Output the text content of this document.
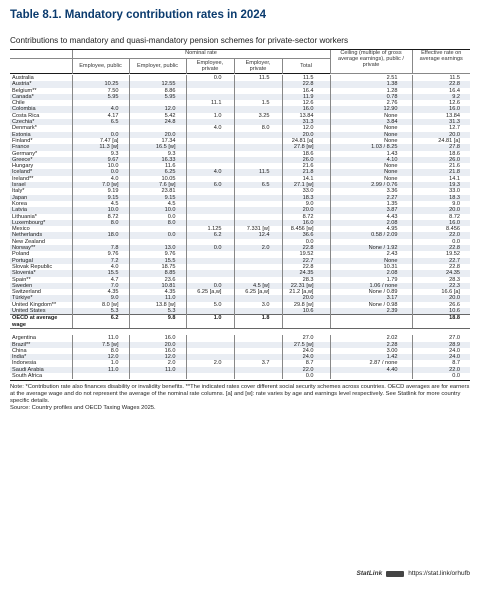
Table 8.1. Mandatory contribution rates in 2024
Contributions to mandatory and quasi-mandatory pension schemes for private-sector workers
	Nominal rate					Ceiling (multiple of gross average earnings), public / private	Effective rate on average earnings
	Employee, public	Employer, public	Employee, private	Employer, private	Total		

Australia			0.0	11.5	11.5	2.51	11.5
Austria*	10.25	12.55			22.8	1.38	22.8
Belgium**	7.50	8.86			16.4	1.28	16.4
Canada*	5.95	5.95			11.9	0.78	9.2
Chile			11.1	1.5	12.6	2.76	12.6
Colombia	4.0	12.0			16.0	12.90	16.0
Costa Rica	4.17	5.42	1.0	3.25	13.84	None	13.84
Czechia*	6.5	24.8			31.3	3.84	31.3
Denmark*			4.0	8.0	12.0	None	12.7
Estonia	0.0	20.0			20.0	None	20.0
Finland*	7.47 [a]	17.34			24.81 [a]	None	24.81 [a]
France	11.3 [w]	16.5 [w]			27.8 [w]	1.03 / 8.25	27.8
Germany*	9.3	9.3			18.6	1.43	18.6
Greece*	9.67	16.33			26.0	4.10	26.0
Hungary	10.0	11.6			21.6	None	21.6
Iceland*	0.0	6.25	4.0	11.5	21.8	None	21.8
Ireland**	4.0	10.05			14.1	None	14.1
Israel	7.0 [w]	7.6 [w]	6.0	6.5	27.1 [w]	2.99 / 0.76	19.3
Italy*	9.19	23.81			33.0	3.36	33.0
Japan	9.15	9.15			18.3	2.27	18.3
Korea	4.5	4.5			9.0	1.35	9.0
Latvia	10.0	10.0			20.0	3.87	20.0
Lithuania*	8.72	0.0			8.72	4.43	8.72
Luxembourg*	8.0	8.0			16.0	2.08	16.0
Mexico			1.125	7.331 [w]	8.456 [w]	4.95	8.456
Netherlands	18.0	0.0	6.2	12.4	36.6	0.58 / 2.09	22.0
New Zealand					0.0		0.0
Norway**	7.8	13.0	0.0	2.0	22.8	None / 1.92	22.8
Poland	9.76	9.76			19.52	2.43	19.52
Portugal	7.2	15.5			22.7	None	22.7
Slovak Republic	4.0	18.75			22.8	10.31	22.8
Slovenia*	15.5	8.85			24.35	2.08	24.35
Spain**	4.7	23.6			28.3	1.79	28.3
Sweden	7.0	10.81	0.0	4.5 [w]	22.31 [w]	1.06 / none	22.3
Switzerland	4.35	4.35	6.25 [a,w]	6.25 [a,w]	21.2 [a,w]	None / 0.89	16.6 [a]
Türkiye*	9.0	11.0			20.0	3.17	20.0
United Kingdom**	8.0 [w]	13.8 [w]	5.0	3.0	29.8 [w]	None / 0.98	26.6
United States	5.3	5.3			10.6	2.39	10.6
OECD at average wage	6.2	9.8	1.0	1.8			18.8

Argentina	11.0	16.0			27.0	2.02	27.0
Brazil**	7.5 [w]	20.0			27.5 [w]	2.28	28.9
China	8.0	16.0			24.0	3.00	24.0
India*	12.0	12.0			24.0	1.42	24.0
Indonesia	1.0	2.0	2.0	3.7	8.7	2.87 / none	8.7
Saudi Arabia	11.0	11.0			22.0	4.40	22.0
South Africa					0.0		0.0
Note: *Contribution rate also finances disability or invalidity benefits. **The indicated rates cover different social security schemes across countries. OECD averages are for earners at the average wage and do not represent the average of the nominal rate columns. [a] and [w]: rate varies by age and earnings level respectively. See Statlink for more country specific details.
Source: Country profiles and OECD Taxing Wages 2025.
StatLink	https://stat.link/orhufb
